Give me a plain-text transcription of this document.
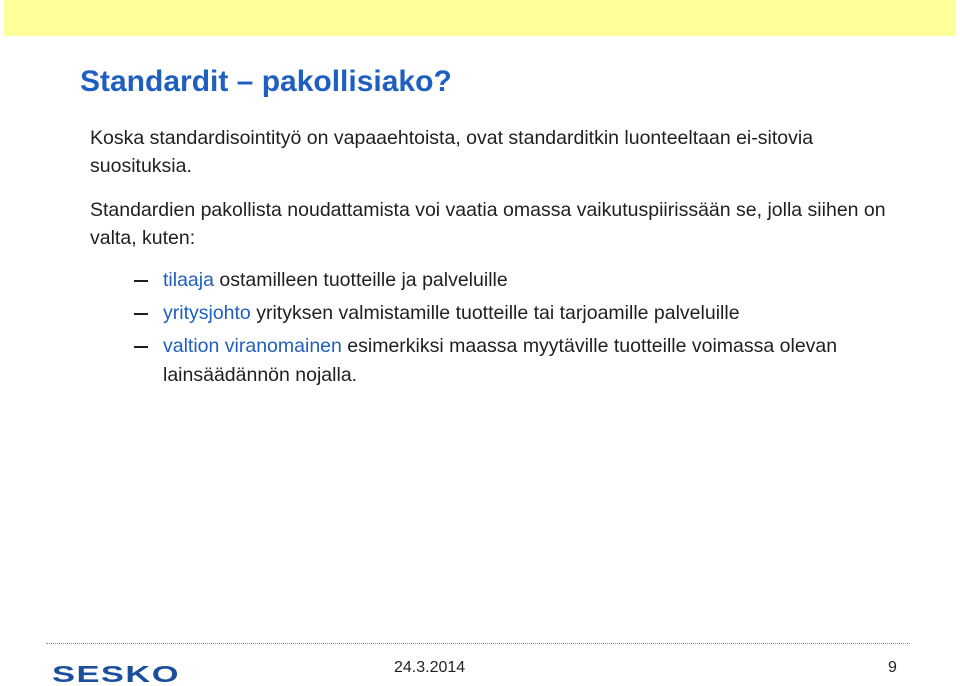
Standardit – pakollisiako?

Koska standardisointityö on vapaaehtoista, ovat standarditkin luonteeltaan ei-sitovia suosituksia.

Standardien pakollista noudattamista voi vaatia omassa vaikutuspiirissään se, jolla siihen on valta, kuten:

tilaaja ostamilleen tuotteille ja palveluille
yritysjohto yrityksen valmistamille tuotteille tai tarjoamille palveluille
valtion viranomainen esimerkiksi maassa myytäville tuotteille voimassa olevan lainsäädännön nojalla.
SESKO	24.3.2014	9
